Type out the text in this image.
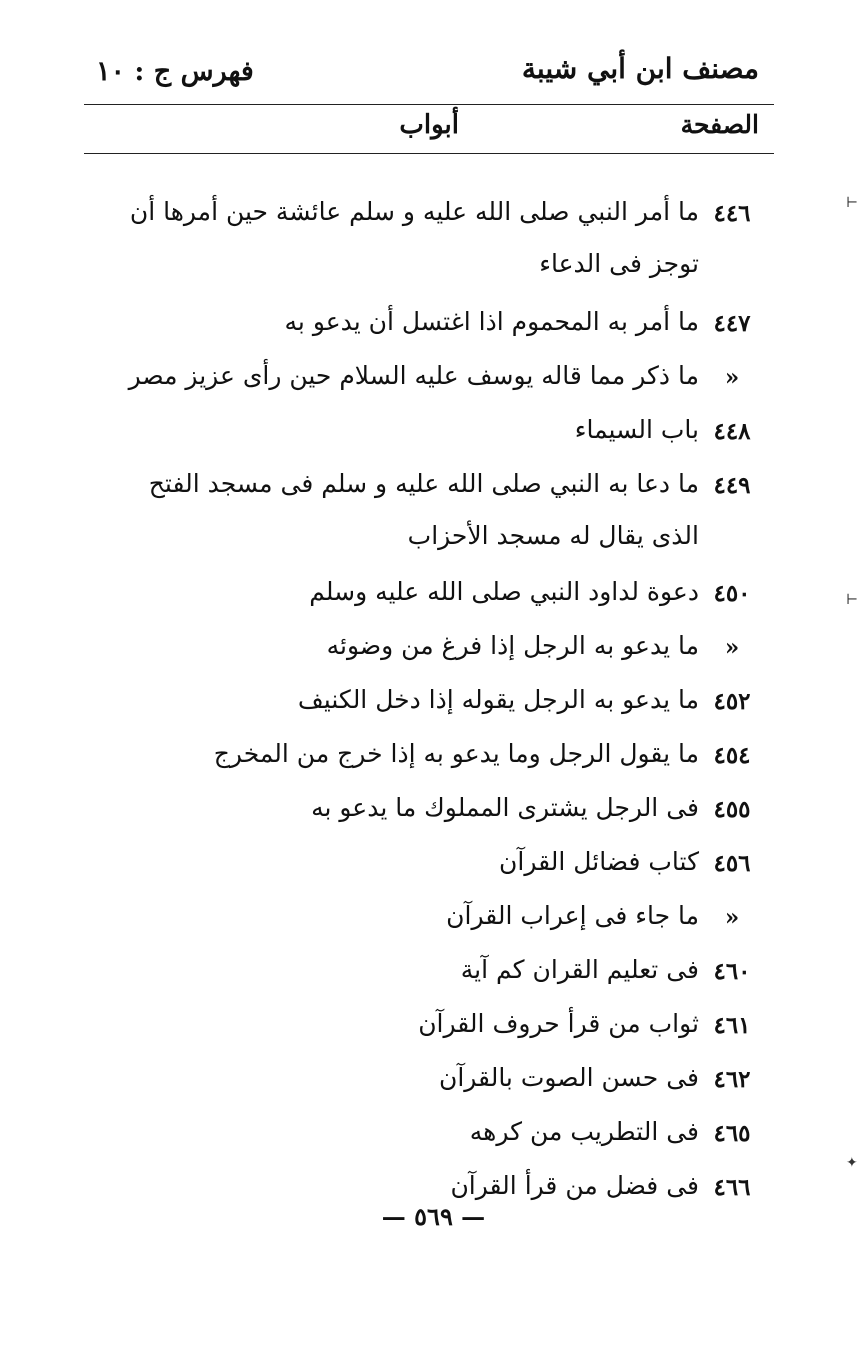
مصنف ابن أبي شيبة
فهرس ج : ١٠
الصفحة
أبواب
٤٤٦
ما أمر النبي صلى الله عليه و سلم عائشة حين أمرها أن توجز فى الدعاء
٤٤٧
ما أمر به المحموم اذا اغتسل أن يدعو به
«
ما ذكر مما قاله يوسف عليه السلام حين رأى عزيز مصر
٤٤٨
باب السيماء
٤٤٩
ما دعا به النبي صلى الله عليه و سلم فى مسجد الفتح الذى يقال له مسجد الأحزاب
٤٥٠
دعوة لداود النبي صلى الله عليه وسلم
«
ما يدعو به الرجل إذا فرغ من وضوئه
٤٥٢
ما يدعو به الرجل يقوله إذا دخل الكنيف
٤٥٤
ما يقول الرجل وما يدعو به إذا خرج من المخرج
٤٥٥
فى الرجل يشترى المملوك ما يدعو به
٤٥٦
كتاب فضائل القرآن
«
ما جاء فى إعراب القرآن
٤٦٠
فى تعليم القران كم آية
٤٦١
ثواب من قرأ حروف القرآن
٤٦٢
فى حسن الصوت بالقرآن
٤٦٥
فى التطريب من كرهه
٤٦٦
فى فضل من قرأ القرآن
— ٥٦٩ —
⊢
⊢
✦
